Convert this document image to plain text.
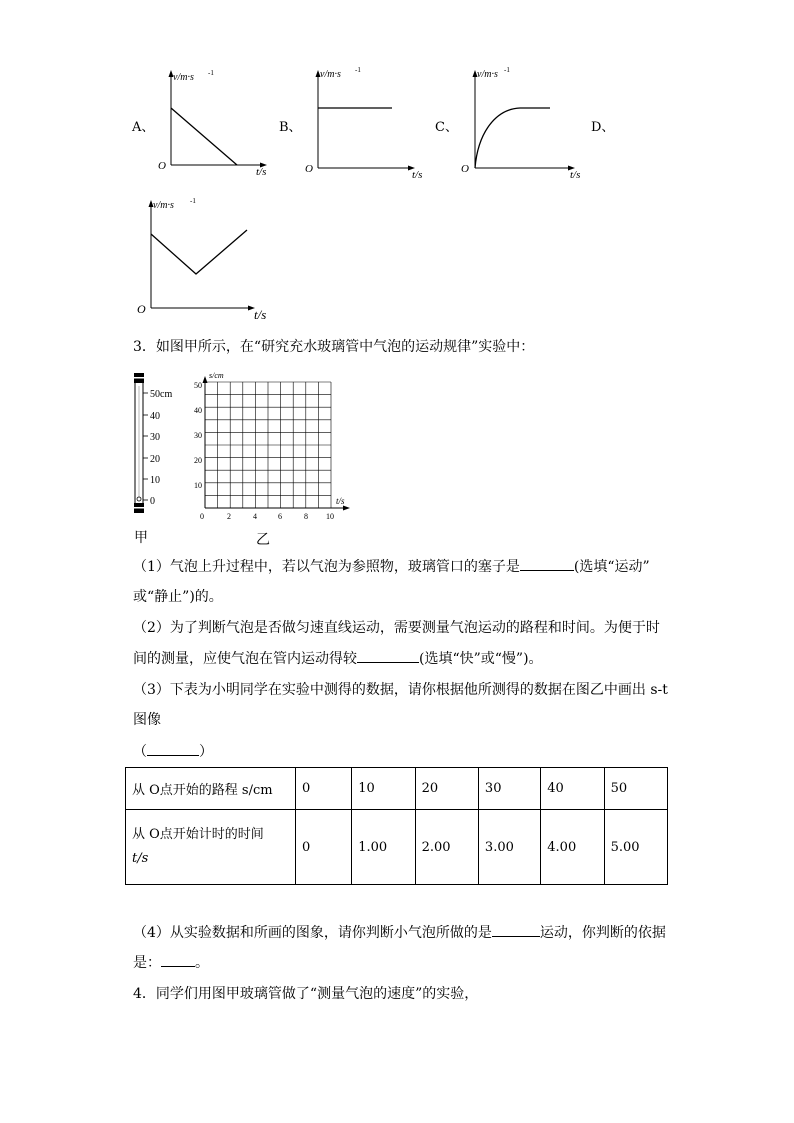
A、	B、	C、	D、
v/m·s -1
O	t/s
v/m·s -1
O	t/s
v/m·s -1
O	t/s
v/m·s -1
O	t/s
3．如图甲所示，在“研究充水玻璃管中气泡的运动规律”实验中：
50cm
40
30
20
10
0
甲
s/cm
t/s
0	2	4	6	8 10
50
40
30
20
10
乙
（1）气泡上升过程中，若以气泡为参照物，玻璃管口的塞子是	(选填“运动”
或“静止”)的。
（2）为了判断气泡是否做匀速直线运动，需要测量气泡运动的路程和时间。为便于时
间的测量，应使气泡在管内运动得较	(选填“快”或“慢”)。
（3）下表为小明同学在实验中测得的数据，请你根据他所测得的数据在图乙中画出 s-t
图像
（	）
从 O点开始的路程 s/cm	0	10	20	30	40	50
从 O点开始计时的时间
t/s	0	1.00	2.00	3.00	4.00	5.00
（4）从实验数据和所画的图象，请你判断小气泡所做的是	运动，你判断的依据
是： 。
4．同学们用图甲玻璃管做了“测量气泡的速度”的实验，
